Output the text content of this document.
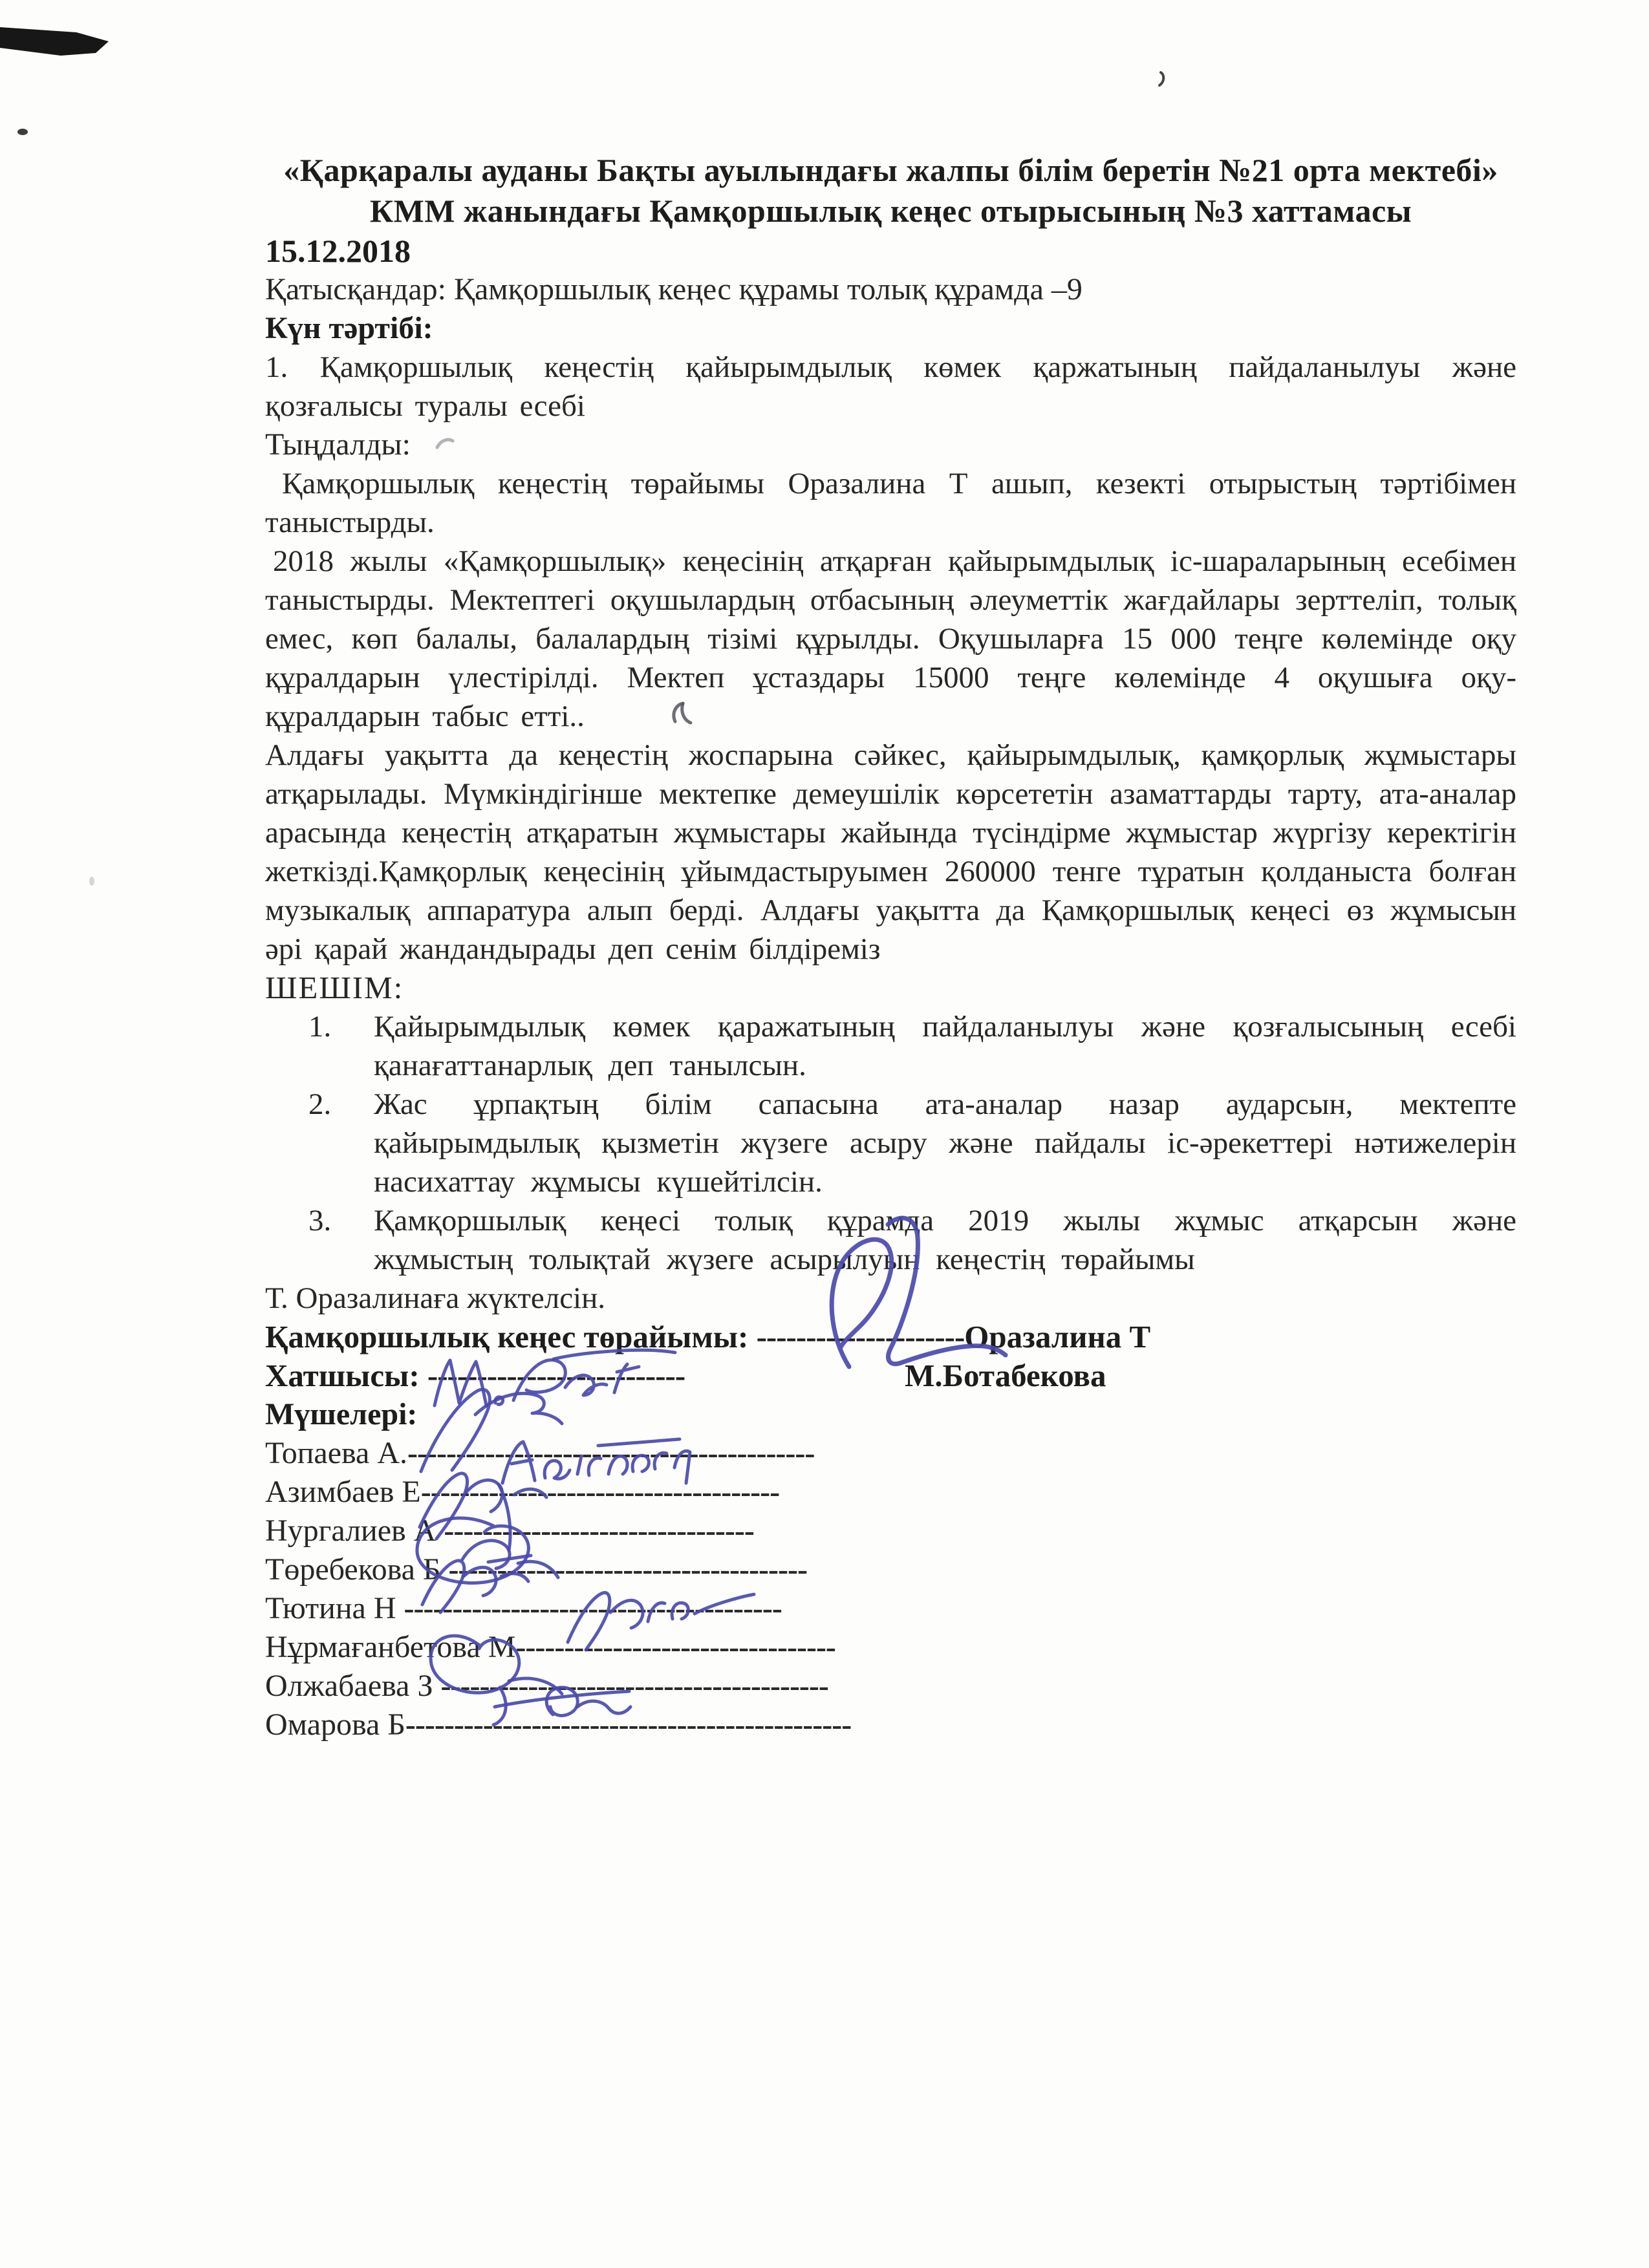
«Қарқаралы ауданы Бақты ауылындағы жалпы білім беретін №21 орта мектебі»

КММ жанындағы Қамқоршылық кеңес отырысының №3 хаттамасы

15.12.2018

Қатысқандар: Қамқоршылық кеңес құрамы толық құрамда –9

Күн тәртібі:

1. Қамқоршылық кеңестің қайырымдылық көмек қаржатының пайдаланылуы және қозғалысы туралы есебі

Тыңдалды:

Қамқоршылық кеңестің төрайымы Оразалина Т ашып, кезекті отырыстың тәртібімен таныстырды.

2018 жылы «Қамқоршылық» кеңесінің атқарған қайырымдылық іс-шараларының есебімен таныстырды. Мектептегі оқушылардың отбасының әлеуметтік жағдайлары зерттеліп, толық емес, көп балалы, балалардың тізімі құрылды. Оқушыларға 15 000 теңге көлемінде оқу құралдарын үлестірілді. Мектеп ұстаздары 15000 теңге көлемінде 4 оқушыға оқу-құралдарын табыс етті..

Алдағы уақытта да кеңестің жоспарына сәйкес, қайырымдылық, қамқорлық жұмыстары атқарылады. Мүмкіндігінше мектепке демеушілік көрсететін азаматтарды тарту, ата-аналар арасында кеңестің атқаратын жұмыстары жайында түсіндірме жұмыстар жүргізу керектігін жеткізді.Қамқорлық кеңесінің ұйымдастыруымен 260000 тенге тұратын қолданыста болған музыкалық аппаратура алып берді. Алдағы уақытта да Қамқоршылық кеңесі өз жұмысын әрі қарай жандандырады деп сенім білдіреміз

ШЕШІМ:

1. Қайырымдылық көмек қаражатының пайдаланылуы және қозғалысының есебі қанағаттанарлық деп танылсын.
2. Жас ұрпақтың білім сапасына ата-аналар назар аударсын, мектепте қайырымдылық қызметін жүзеге асыру және пайдалы іс-әрекеттері нәтижелерін насихаттау жұмысы күшейтілсін.
3. Қамқоршылық кеңесі толық құрамда 2019 жылы жұмыс атқарсын және жұмыстың толықтай жүзеге асырылуын кеңестің төрайымы

Т. Оразалинаға жүктелсін.

Қамқоршылық кеңес төрайымы: ---------------------Оразалина Т
Хатшысы: --------------------------	М.Ботабекова

Мүшелері:

Топаева А.------------------------------------------
Азимбаев Е-------------------------------------
Нургалиев А --------------------------------
Төребекова Б -------------------------------------
Тютина Н ---------------------------------------
Нұрмағанбетова М---------------------------------
Олжабаева З ----------------------------------------
Омарова Б----------------------------------------------
